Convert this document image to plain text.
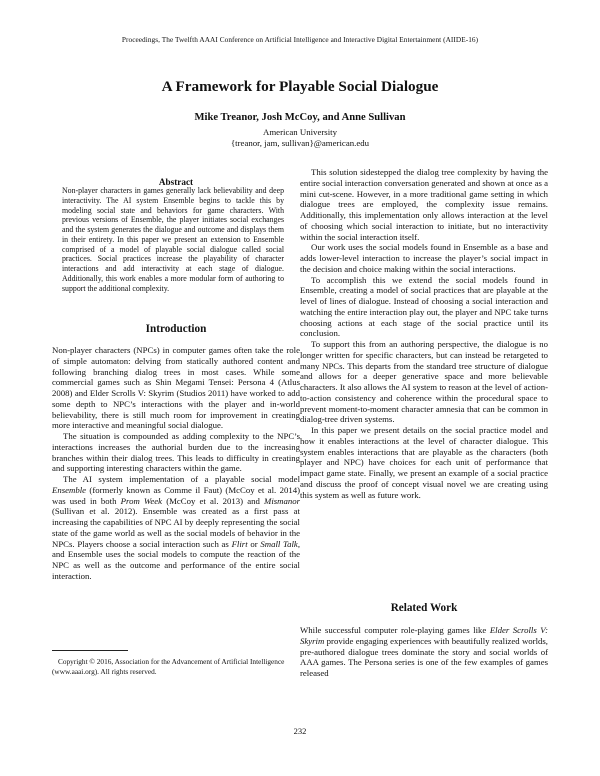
Proceedings, The Twelfth AAAI Conference on Artificial Intelligence and Interactive Digital Entertainment (AIIDE-16)
A Framework for Playable Social Dialogue
Mike Treanor, Josh McCoy, and Anne Sullivan
American University
{treanor, jam, sullivan}@american.edu
Abstract

Non-player characters in games generally lack believability and deep interactivity. The AI system Ensemble begins to tackle this by modeling social state and behaviors for game characters. With previous versions of Ensemble, the player initiates social exchanges and the system generates the dialogue and outcome and displays them in their entirety. In this paper we present an extension to Ensemble comprised of a model of playable social dialogue called social practices. Social practices increase the playability of character interactions and add interactivity at each stage of dialogue. Additionally, this work enables a more modular form of authoring to support the additional complexity.

Introduction

Non-player characters (NPCs) in computer games often take the role of simple automaton: delving from statically authored content and following branching dialog trees in most cases. While some commercial games such as Shin Megami Tensei: Persona 4 (Atlus 2008) and Elder Scrolls V: Skyrim (Studios 2011) have worked to add some depth to NPC’s interactions with the player and in-world believability, there is still much room for improvement in creating more interactive and meaningful social dialogue.

The situation is compounded as adding complexity to the NPC’s interactions increases the authorial burden due to the increasing branches within their dialog trees. This leads to difficulty in creating and supporting interesting characters within the game.

The AI system implementation of a playable social model Ensemble (formerly known as Comme il Faut) (McCoy et al. 2014) was used in both Prom Week (McCoy et al. 2013) and Mismanor (Sullivan et al. 2012). Ensemble was created as a first pass at increasing the capabilities of NPC AI by deeply representing the social state of the game world as well as the social models of behavior in the NPCs. Players choose a social interaction such as Flirt or Small Talk, and Ensemble uses the social models to compute the reaction of the NPC as well as the outcome and performance of the entire social interaction.

Copyright © 2016, Association for the Advancement of Artificial Intelligence (www.aaai.org). All rights reserved.

This solution sidestepped the dialog tree complexity by having the entire social interaction conversation generated and shown at once as a mini cut-scene. However, in a more traditional game setting in which dialogue trees are employed, the complexity issue remains. Additionally, this implementation only allows interaction at the level of choosing which social interaction to initiate, but no interactivity within the social interaction itself.

Our work uses the social models found in Ensemble as a base and adds lower-level interaction to increase the player’s social impact in the decision and choice making within the social interactions.

To accomplish this we extend the social models found in Ensemble, creating a model of social practices that are playable at the level of lines of dialogue. Instead of choosing a social interaction and watching the entire interaction play out, the player and NPC take turns choosing actions at each stage of the social practice until its conclusion.

To support this from an authoring perspective, the dialogue is no longer written for specific characters, but can instead be retargeted to many NPCs. This departs from the standard tree structure of dialogue and allows for a deeper generative space and more believable characters. It also allows the AI system to reason at the level of action-to-action consistency and coherence within the procedural space to prevent moment-to-moment character amnesia that can be common in dialog-tree driven systems.

In this paper we present details on the social practice model and how it enables interactions at the level of character dialogue. This system enables interactions that are playable as the characters (both player and NPC) have choices for each unit of performance that impact game state. Finally, we present an example of a social practice and discuss the proof of concept visual novel we are creating using this system as well as future work.

Related Work

While successful computer role-playing games like Elder Scrolls V: Skyrim provide engaging experiences with beautifully realized worlds, pre-authored dialogue trees dominate the story and social worlds of AAA games. The Persona series is one of the few examples of games released

232
